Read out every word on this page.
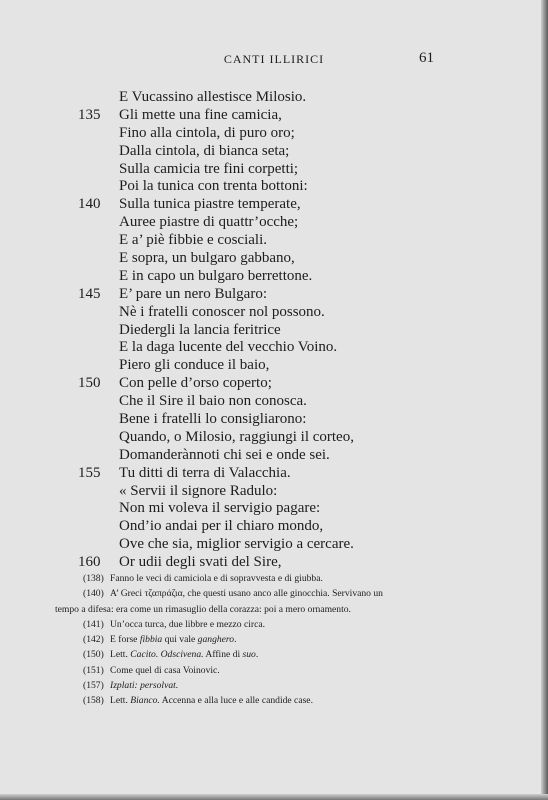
CANTI ILLIRICI	61
E Vucassino allestisce Milosio.
135 Gli mette una fine camicia,
Fino alla cintola, di puro oro;
Dalla cintola, di bianca seta;
Sulla camicia tre fini corpetti;
Poi la tunica con trenta bottoni:
140 Sulla tunica piastre temperate,
Auree piastre di quattr’ocche;
E a’ piè fibbie e cosciali.
E sopra, un bulgaro gabbano,
E in capo un bulgaro berrettone.
145 E’ pare un nero Bulgaro:
Nè i fratelli conoscer nol possono.
Diedergli la lancia feritrice
E la daga lucente del vecchio Voino.
Piero gli conduce il baio,
150 Con pelle d’orso coperto;
Che il Sire il baio non conosca.
Bene i fratelli lo consigliarono:
Quando, o Milosio, raggiungi il corteo,
Domanderànnoti chi sei e onde sei.
155 Tu ditti di terra di Valacchia.
« Servii il signore Radulo:
Non mi voleva il servigio pagare:
Ond’io andai per il chiaro mondo,
Ove che sia, miglior servigio a cercare.
160 Or udii degli svati del Sire,
(138) Fanno le veci di camiciola e di sopravvesta e di giubba.
(140) A’ Greci τζαπράζια, che questi usano anco alle ginocchia. Servivano un
tempo a difesa: era come un rimasuglio della corazza: poi a mero ornamento.
(141) Un’occa turca, due libbre e mezzo circa.
(142) E forse fibbia qui vale ganghero.
(150) Lett. Cacito. Odscivena. Affine di suo.
(151) Come quel di casa Voinovic.
(157) Izplati: persolvat.
(158) Lett. Bianco. Accenna e alla luce e alle candide case.
